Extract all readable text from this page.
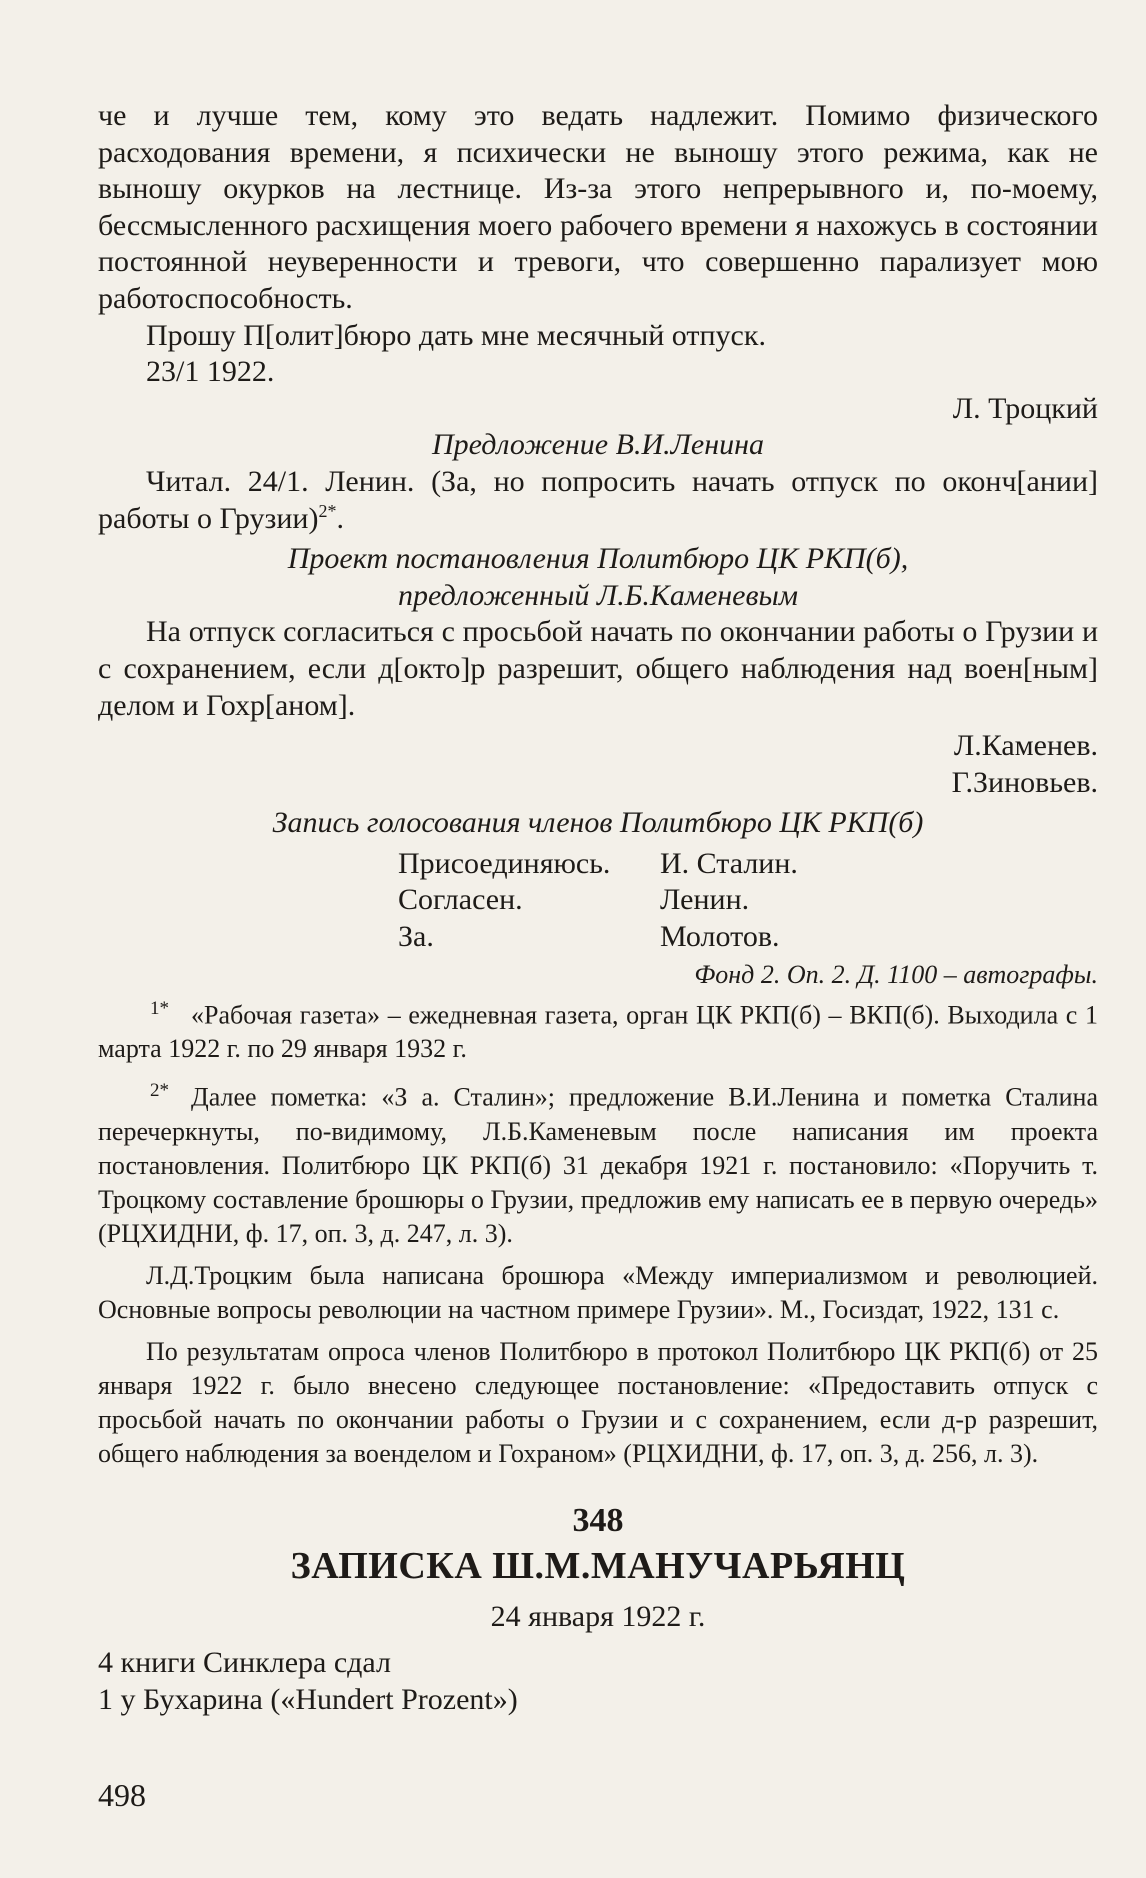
че и лучше тем, кому это ведать надлежит. Помимо физического расходования времени, я психически не выношу этого режима, как не выношу окурков на лестнице. Из-за этого непрерывного и, по-моему, бессмысленного расхищения моего рабочего времени я нахожусь в состоянии постоянной неуверенности и тревоги, что совершенно парализует мою работоспособность.

Прошу П[олит]бюро дать мне месячный отпуск.

23/1 1922.

Л. Троцкий

Предложение В.И.Ленина

Читал. 24/1. Ленин. (За, но попросить начать отпуск по оконч[ании] работы о Грузии)$^{2*}$.

Проект постановления Политбюро ЦК РКП(б),

предложенный Л.Б.Каменевым

На отпуск согласиться с просьбой начать по окончании работы о Грузии и с сохранением, если д[окто]р разрешит, общего наблюдения над воен[ным] делом и Гохр[аном].

Л.Каменев.

Г.Зиновьев.

Запись голосования членов Политбюро ЦК РКП(б)

Присоединяюсь.	И. Сталин.
Согласен.	Ленин.
За.	Молотов.

Фонд 2. Оп. 2. Д. 1100 – автографы.

$^{1*}$ «Рабочая газета» – ежедневная газета, орган ЦК РКП(б) – ВКП(б). Выходила с 1 марта 1922 г. по 29 января 1932 г.

$^{2*}$ Далее пометка: «З а. Сталин»; предложение В.И.Ленина и пометка Сталина перечеркнуты, по-видимому, Л.Б.Каменевым после написания им проекта постановления. Политбюро ЦК РКП(б) 31 декабря 1921 г. постановило: «Поручить т. Троцкому составление брошюры о Грузии, предложив ему написать ее в первую очередь» (РЦХИДНИ, ф. 17, оп. 3, д. 247, л. 3).

Л.Д.Троцким была написана брошюра «Между империализмом и революцией. Основные вопросы революции на частном примере Грузии». М., Госиздат, 1922, 131 с.

По результатам опроса членов Политбюро в протокол Политбюро ЦК РКП(б) от 25 января 1922 г. было внесено следующее постановление: «Предоставить отпуск с просьбой начать по окончании работы о Грузии и с сохранением, если д-р разрешит, общего наблюдения за военделом и Гохраном» (РЦХИДНИ, ф. 17, оп. 3, д. 256, л. 3).

348

ЗАПИСКА Ш.М.МАНУЧАРЬЯНЦ

24 января 1922 г.

4 книги Синклера сдал

1 у Бухарина («Hundert Prozent»)

498
